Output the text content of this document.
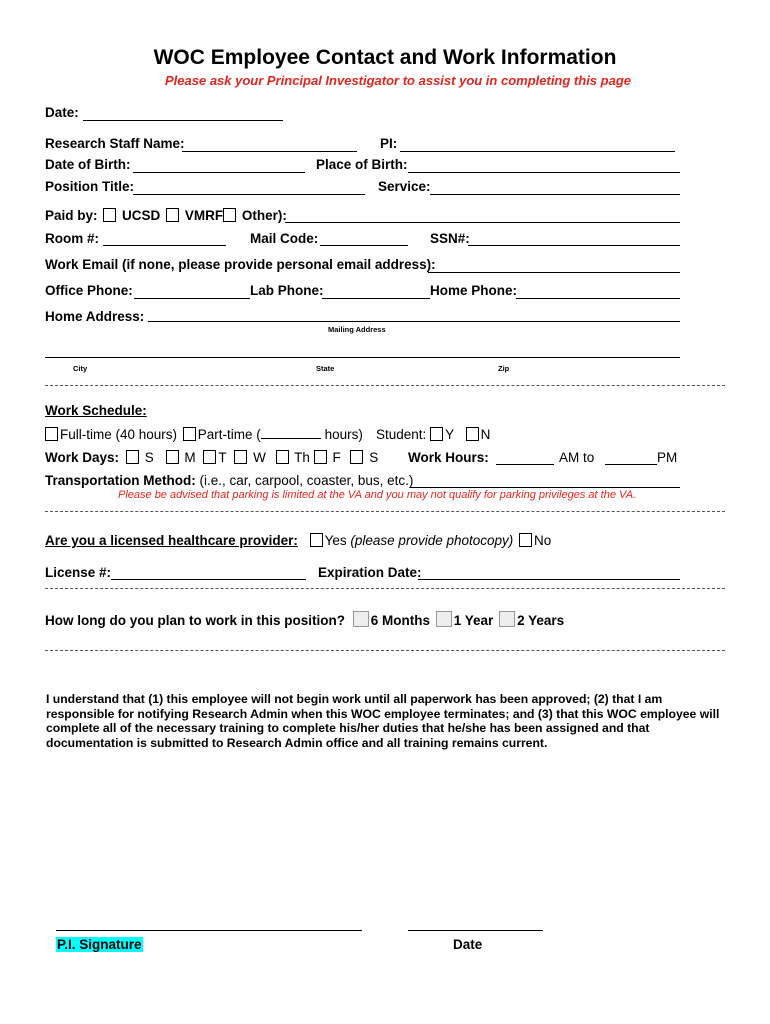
WOC Employee Contact and Work Information
Please ask your Principal Investigator to assist you in completing this page
Date:
Research Staff Name:	PI:
Date of Birth:	Place of Birth:
Position Title:	Service:
Paid by: UCSD VMRF Other):
Room #:	Mail Code:	SSN#:
Work Email (if none, please provide personal email address):
Office Phone:	Lab Phone:	Home Phone:
Home Address:
Mailing Address
City	State	Zip
Work Schedule:
Full-time (40 hours) Part-time (	hours) Student: Y N
Work Days:	S M T W Th F S Work Hours:	AM to	PM
Transportation Method: (i.e., car, carpool, coaster, bus, etc.)
Please be advised that parking is limited at the VA and you may not qualify for parking privileges at the VA.
Are you a licensed healthcare provider: Yes (please provide photocopy) No
License #:	Expiration Date:
How long do you plan to work in this position? 6 Months 1 Year 2 Years
I understand that (1) this employee will not begin work until all paperwork has been approved; (2) that I am responsible for notifying Research Admin when this WOC employee terminates; and (3) that this WOC employee will complete all of the necessary training to complete his/her duties that he/she has been assigned and that documentation is submitted to Research Admin office and all training remains current.
P.I. Signature	Date
